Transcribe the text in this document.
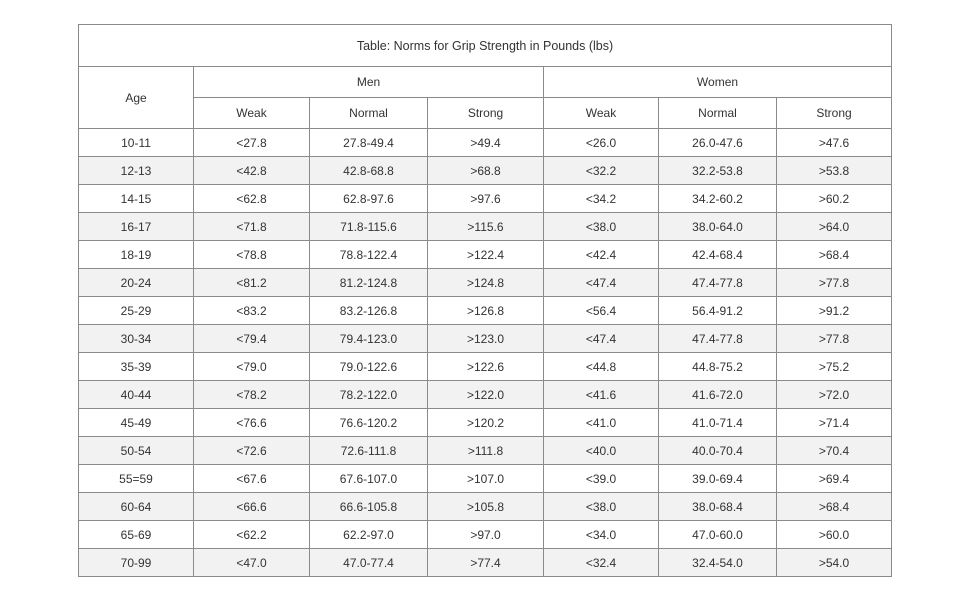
Table: Norms for Grip Strength in Pounds (lbs)						
Age	Men			Women		
	Weak	Normal	Strong	Weak	Normal	Strong
10-11	<27.8	27.8-49.4	>49.4	<26.0	26.0-47.6	>47.6
12-13	<42.8	42.8-68.8	>68.8	<32.2	32.2-53.8	>53.8
14-15	<62.8	62.8-97.6	>97.6	<34.2	34.2-60.2	>60.2
16-17	<71.8	71.8-115.6	>115.6	<38.0	38.0-64.0	>64.0
18-19	<78.8	78.8-122.4	>122.4	<42.4	42.4-68.4	>68.4
20-24	<81.2	81.2-124.8	>124.8	<47.4	47.4-77.8	>77.8
25-29	<83.2	83.2-126.8	>126.8	<56.4	56.4-91.2	>91.2
30-34	<79.4	79.4-123.0	>123.0	<47.4	47.4-77.8	>77.8
35-39	<79.0	79.0-122.6	>122.6	<44.8	44.8-75.2	>75.2
40-44	<78.2	78.2-122.0	>122.0	<41.6	41.6-72.0	>72.0
45-49	<76.6	76.6-120.2	>120.2	<41.0	41.0-71.4	>71.4
50-54	<72.6	72.6-111.8	>111.8	<40.0	40.0-70.4	>70.4
55=59	<67.6	67.6-107.0	>107.0	<39.0	39.0-69.4	>69.4
60-64	<66.6	66.6-105.8	>105.8	<38.0	38.0-68.4	>68.4
65-69	<62.2	62.2-97.0	>97.0	<34.0	47.0-60.0	>60.0
70-99	<47.0	47.0-77.4	>77.4	<32.4	32.4-54.0	>54.0
